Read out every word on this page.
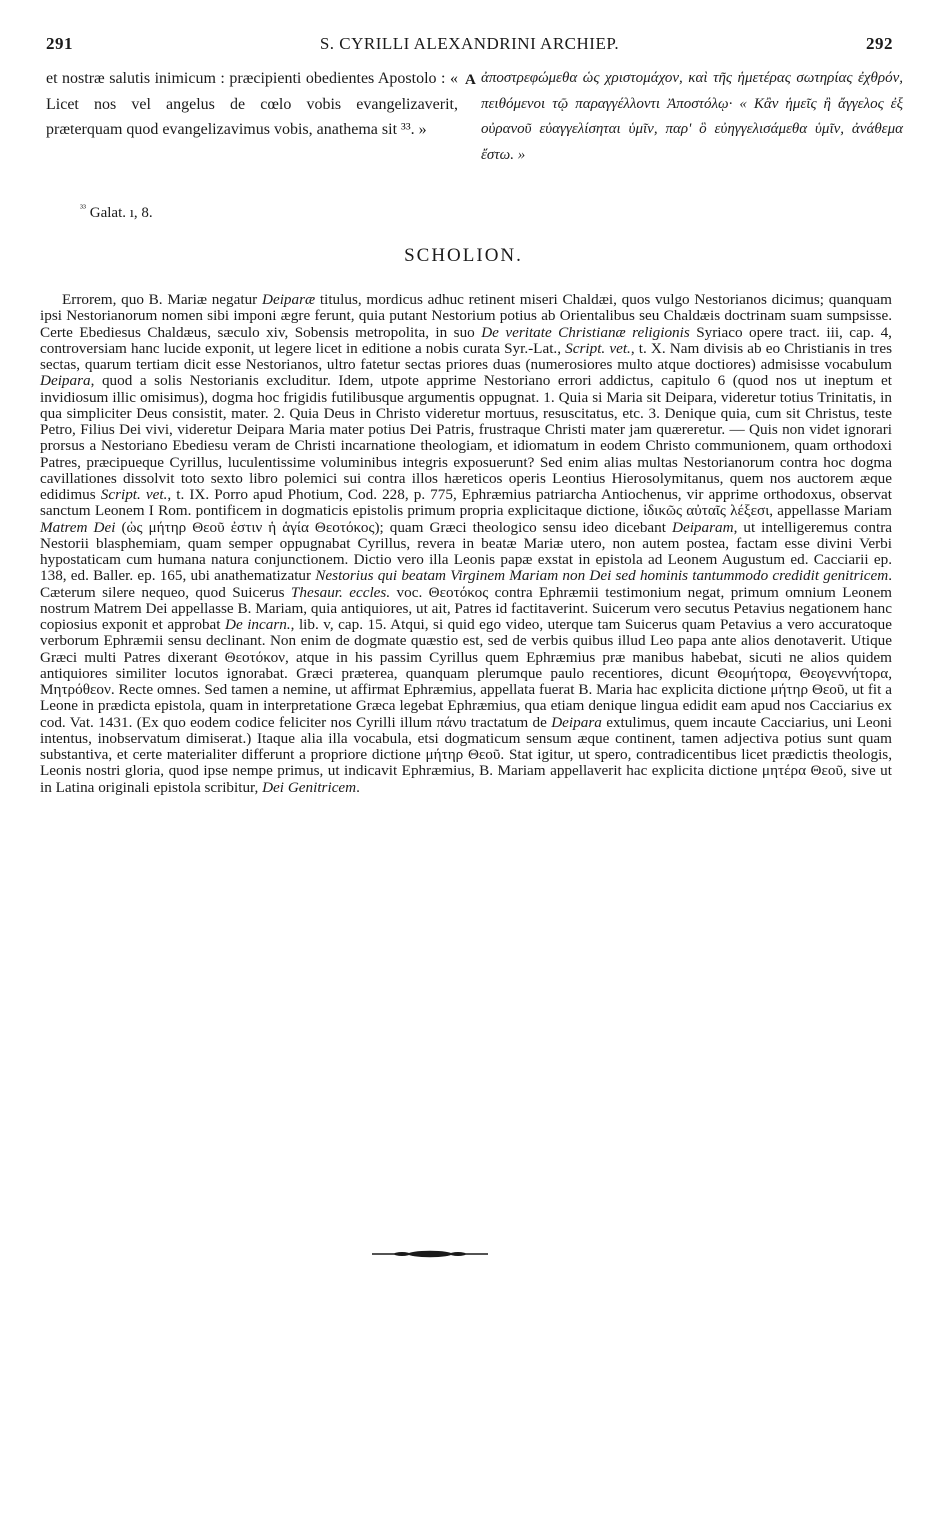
291	S. CYRILLI ALEXANDRINI ARCHIEP.	292
et nostræ salutis inimicum : præcipienti obedientes Apostolo : « Licet nos vel angelus de cœlo vobis evangelizaverit, præterquam quod evangelizavimus vobis, anathema sit ³³. »
A ἀποστρεφώμεθα ὡς χριστομάχον, καὶ τῆς ἡμετέρας σωτηρίας ἐχθρόν, πειθόμενοι τῷ παραγγέλλοντι Ἀποστόλῳ· « Κἂν ἡμεῖς ἢ ἄγγελος ἐξ οὐρανοῦ εὐαγγελίσηται ὑμῖν, παρ' ὃ εὐηγγελισάμεθα ὑμῖν, ἀνάθεμα ἔστω. »
$^{^{33}}$ Galat. ı, 8.
SCHOLION.
Errorem, quo B. Mariæ negatur Deiparæ titulus, mordicus adhuc retinent miseri Chaldæi, quos vulgo Nestorianos dicimus; quanquam ipsi Nestorianorum nomen sibi imponi ægre ferunt, quia putant Nestorium potius ab Orientalibus seu Chaldæis doctrinam suam sumpsisse. Certe Ebediesus Chaldæus, sæculo xiv, Sobensis metropolita, in suo De veritate Christianæ religionis Syriaco opere tract. iii, cap. 4, controversiam hanc lucide exponit, ut legere licet in editione a nobis curata Syr.-Lat., Script. vet., t. X. Nam divisis ab eo Christianis in tres sectas, quarum tertiam dicit esse Nestorianos, ultro fatetur sectas priores duas (numerosiores multo atque doctiores) admisisse vocabulum Deipara, quod a solis Nestorianis excluditur. Idem, utpote apprime Nestoriano errori addictus, capitulo 6 (quod nos ut ineptum et invidiosum illic omisimus), dogma hoc frigidis futilibusque argumentis oppugnat. 1. Quia si Maria sit Deipara, videretur totius Trinitatis, in qua simpliciter Deus consistit, mater. 2. Quia Deus in Christo videretur mortuus, resuscitatus, etc. 3. Denique quia, cum sit Christus, teste Petro, Filius Dei vivi, videretur Deipara Maria mater potius Dei Patris, frustraque Christi mater jam quæreretur. — Quis non videt ignorari prorsus a Nestoriano Ebediesu veram de Christi incarnatione theologiam, et idiomatum in eodem Christo communionem, quam orthodoxi Patres, præcipueque Cyrillus, luculentissime voluminibus integris exposuerunt? Sed enim alias multas Nestorianorum contra hoc dogma cavillationes dissolvit toto sexto libro polemici sui contra illos hæreticos operis Leontius Hierosolymitanus, quem nos auctorem æque edidimus Script. vet., t. IX. Porro apud Photium, Cod. 228, p. 775, Ephræmius patriarcha Antiochenus, vir apprime orthodoxus, observat sanctum Leonem I Rom. pontificem in dogmaticis epistolis primum propria explicitaque dictione, ἰδικῶς αὐταῖς λέξεσι, appellasse Mariam Matrem Dei (ὡς μήτηρ Θεοῦ ἐστιν ἡ ἁγία Θεοτόκος); quam Græci theologico sensu ideo dicebant Deiparam, ut intelligeremus contra Nestorii blasphemiam, quam semper oppugnabat Cyrillus, revera in beatæ Mariæ utero, non autem postea, factam esse divini Verbi hypostaticam cum humana natura conjunctionem. Dictio vero illa Leonis papæ exstat in epistola ad Leonem Augustum ed. Cacciarii ep. 138, ed. Baller. ep. 165, ubi anathematizatur Nestorius qui beatam Virginem Mariam non Dei sed hominis tantummodo credidit genitricem. Cæterum silere nequeo, quod Suicerus Thesaur. eccles. voc. Θεοτόκος contra Ephræmii testimonium negat, primum omnium Leonem nostrum Matrem Dei appellasse B. Mariam, quia antiquiores, ut ait, Patres id factitaverint. Suicerum vero secutus Petavius negationem hanc copiosius exponit et approbat De incarn., lib. v, cap. 15. Atqui, si quid ego video, uterque tam Suicerus quam Petavius a vero accuratoque verborum Ephræmii sensu declinant. Non enim de dogmate quæstio est, sed de verbis quibus illud Leo papa ante alios denotaverit. Utique Græci multi Patres dixerant Θεοτόκον, atque in his passim Cyrillus quem Ephræmius præ manibus habebat, sicuti ne alios quidem antiquiores similiter locutos ignorabat. Græci præterea, quanquam plerumque paulo recentiores, dicunt Θεομήτορα, Θεογεννήτορα, Μητρόθεον. Recte omnes. Sed tamen a nemine, ut affirmat Ephræmius, appellata fuerat B. Maria hac explicita dictione μήτηρ Θεοῦ, ut fit a Leone in prædicta epistola, quam in interpretatione Græca legebat Ephræmius, qua etiam denique lingua edidit eam apud nos Cacciarius ex cod. Vat. 1431. (Ex quo eodem codice feliciter nos Cyrilli illum πάνυ tractatum de Deipara extulimus, quem incaute Cacciarius, uni Leoni intentus, inobservatum dimiserat.) Itaque alia illa vocabula, etsi dogmaticum sensum æque continent, tamen adjectiva potius sunt quam substantiva, et certe materialiter differunt a propriore dictione μήτηρ Θεοῦ. Stat igitur, ut spero, contradicentibus licet prædictis theologis, Leonis nostri gloria, quod ipse nempe primus, ut indicavit Ephræmius, B. Mariam appellaverit hac explicita dictione μητέρα Θεοῦ, sive ut in Latina originali epistola scribitur, Dei Genitricem.
